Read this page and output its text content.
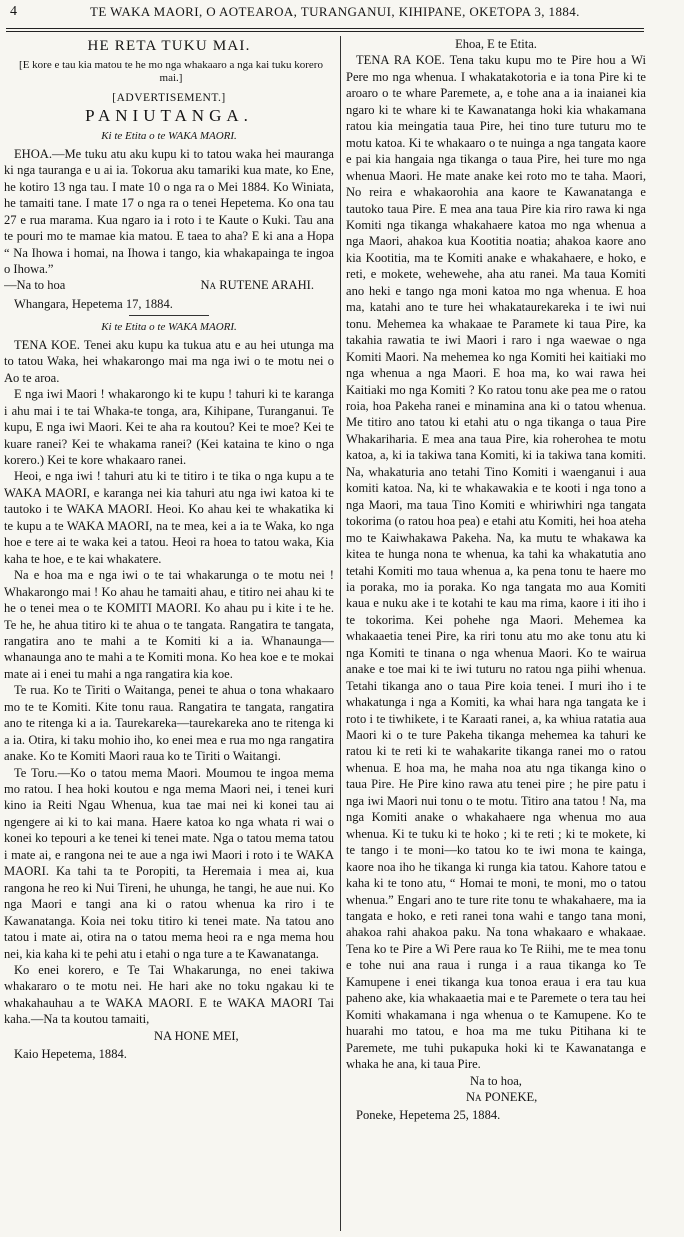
4	TE WAKA MAORI, O AOTEAROA, TURANGANUI, KIHIPANE, OKETOPA 3, 1884.

HE RETA TUKU MAI.

[E kore e tau kia matou te he mo nga whakaaro a nga kai tuku korero mai.]

[ADVERTISEMENT.]

PANIUTANGA.

Ki te Etita o te WAKA MAORI.

EHOA.—Me tuku atu aku kupu ki to tatou waka hei mauranga ki nga tauranga e u ai ia. Tokorua aku tamariki kua mate, ko Ene, he kotiro 13 nga tau. I mate 10 o nga ra o Mei 1884. Ko Winiata, he tamaiti tane. I mate 17 o nga ra o tenei Hepetema. Ko ona tau 27 e rua marama. Kua ngaro ia i roto i te Kaute o Kuki. Tau ana te pouri mo te mamae kia matou. E taea to aha? E ki ana a Hopa “ Na Ihowa i homai, na Ihowa i tango, kia whakapainga te ingoa o Ihowa.”

—Na to hoa	Na RUTENE ARAHI.

Whangara, Hepetema 17, 1884.

Ki te Etita o te WAKA MAORI.

TENA KOE. Tenei aku kupu ka tukua atu e au hei utunga ma to tatou Waka, hei whakarongo mai ma nga iwi o te motu nei o Ao te aroa.

E nga iwi Maori ! whakarongo ki te kupu ! tahuri ki te karanga i ahu mai i te tai Whaka-te tonga, ara, Kihipane, Turanganui. Te kupu, E nga iwi Maori. Kei te aha ra koutou? Kei te moe? Kei te kuare ranei? Kei te whakama ranei? (Kei kataina te kino o nga korero.) Kei te kore whakaaro ranei.

Heoi, e nga iwi ! tahuri atu ki te titiro i te tika o nga kupu a te WAKA MAORI, e karanga nei kia tahuri atu nga iwi katoa ki te tautoko i te WAKA MAORI. Heoi. Ko ahau kei te whakatika ki te kupu a te WAKA MAORI, na te mea, kei a ia te Waka, ko nga hoe e tere ai te waka kei a tatou. Heoi ra hoea to tatou waka, Kia kaha te hoe, e te kai whakatere.

Na e hoa ma e nga iwi o te tai whakarunga o te motu nei ! Whakarongo mai ! Ko ahau he tamaiti ahau, e titiro nei ahau ki te he o tenei mea o te KOMITI MAORI. Ko ahau pu i kite i te he. Te he, he ahua titiro ki te ahua o te tangata. Rangatira te tangata, rangatira ano te mahi a te Komiti ki a ia. Whanaunga—whanaunga ano te mahi a te Komiti mona. Ko hea koe e te mokai mate ai i enei tu mahi a nga rangatira kia koe.

Te rua. Ko te Tiriti o Waitanga, penei te ahua o tona whakaaro mo te te Komiti. Kite tonu raua. Rangatira te tangata, rangatira ano te ritenga ki a ia. Taurekareka—taurekareka ano te ritenga ki a ia. Otira, ki taku mohio iho, ko enei mea e rua mo nga rangatira anake. Ko te Komiti Maori raua ko te Tiriti o Waitangi.

Te Toru.—Ko o tatou mema Maori. Moumou te ingoa mema mo ratou. I hea hoki koutou e nga mema Maori nei, i tenei kuri kino ia Reiti Ngau Whenua, kua tae mai nei ki konei tau ai ngengere ai ki to kai mana. Haere katoa ko nga whata ri wai o konei ko tepouri a ke tenei ki tenei mate. Nga o tatou mema tatou i mate ai, e rangona nei te aue a nga iwi Maori i roto i te WAKA MAORI. Ka tahi ta te Poropiti, ta Heremaia i mea ai, kua rangona he reo ki Nui Tireni, he uhunga, he tangi, he aue nui. Ko nga Maori e tangi ana ki o ratou whenua ka riro i te Kawanatanga. Koia nei toku titiro ki tenei mate. Na tatou ano tatou i mate ai, otira na o tatou mema heoi ra e nga mema hou nei, kia kaha ki te pehi atu i etahi o nga ture a te Kawanatanga.

Ko enei korero, e Te Tai Whakarunga, no enei takiwa whakararo o te motu nei. He hari ake no toku ngakau ki te whakahauhau a te WAKA MAORI. E te WAKA MAORI Tai kaha.—Na ta koutou tamaiti,

NA HONE MEI,

Kaio Hepetema, 1884.

Ehoa, E te Etita.

TENA RA KOE. Tena taku kupu mo te Pire hou a Wi Pere mo nga whenua. I whakatakotoria e ia tona Pire ki te aroaro o te whare Paremete, a, e tohe ana a ia inaianei kia ngaro ki te whare ki te Kawanatanga hoki kia whakamana ratou kia meingatia taua Pire, hei tino ture tuturu mo te motu katoa. Ki te whakaaro o te nuinga a nga tangata kaore e pai kia hangaia nga tikanga o taua Pire, hei ture mo nga whenua Maori. He mate anake kei roto mo te taha. Maori, No reira e whakaorohia ana kaore te Kawanatanga e tautoko taua Pire. E mea ana taua Pire kia riro rawa ki nga Komiti nga tikanga whakahaere katoa mo nga whenua a nga Maori, ahakoa kua Kootitia noatia; ahakoa kaore ano kia Kootitia, ma te Komiti anake e whakahaere, e hoko, e reti, e mokete, wehewehe, aha atu ranei. Ma taua Komiti ano heki e tango nga moni katoa mo nga whenua. E hoa ma, katahi ano te ture hei whakataurekareka i te iwi nui tonu. Mehemea ka whakaae te Paramete ki taua Pire, ka takahia rawatia te iwi Maori i raro i nga waewae o nga Komiti Maori. Na mehemea ko nga Komiti hei kaitiaki mo nga whenua a nga Maori. E hoa ma, ko wai rawa hei Kaitiaki mo nga Komiti ? Ko ratou tonu ake pea me o ratou roia, hoa Pakeha ranei e minamina ana ki o tatou whenua. Me titiro ano tatou ki etahi atu o nga tikanga o taua Pire Whakariharia. E mea ana taua Pire, kia roherohea te motu katoa, a, ki ia takiwa tana Komiti, ki ia takiwa tana komiti. Na, whakaturia ano tetahi Tino Komiti i waenganui i aua komiti katoa. Na, ki te whakawakia e te kooti i nga tono a nga Maori, ma taua Tino Komiti e whiriwhiri nga tangata tokorima (o ratou hoa pea) e etahi atu Komiti, hei hoa ateha mo te Kaiwhakawa Pakeha. Na, ka mutu te whakawa ka kitea te hunga nona te whenua, ka tahi ka whakatutia ano tetahi Komiti mo taua whenua a, ka pena tonu te haere mo ia poraka, mo ia poraka. Ko nga tangata mo aua Komiti kaua e nuku ake i te kotahi te kau ma rima, kaore i iti iho i te tokorima. Kei pohehe nga Maori. Mehemea ka whakaaetia tenei Pire, ka riri tonu atu mo ake tonu atu ki nga Komiti te tinana o nga whenua Maori. Ko te wairua anake e toe mai ki te iwi tuturu no ratou nga piihi whenua. Tetahi tikanga ano o taua Pire koia tenei. I muri iho i te whakatunga i nga a Komiti, ka whai hara nga tangata ke i roto i te tiwhikete, i te Karaati ranei, a, ka whiua ratatia aua Maori ki o te ture Pakeha tikanga mehemea ka tahuri ke ratou ki te reti ki te wahakarite tikanga ranei mo o ratou whenua. E hoa ma, he maha noa atu nga tikanga kino o taua Pire. He Pire kino rawa atu tenei pire ; he pire patu i nga iwi Maori nui tonu o te motu. Titiro ana tatou ! Na, ma nga Komiti anake o whakahaere nga whenua mo aua whenua. Ki te tuku ki te hoko ; ki te reti ; ki te mokete, ki te tango i te moni—ko tatou ko te iwi mona te kainga, kaore noa iho he tikanga ki runga kia tatou. Kahore tatou e kaha ki te tono atu, “ Homai te moni, te moni, mo o tatou whenua.” Engari ano te ture rite tonu te whakahaere, ma ia tangata e hoko, e reti ranei tona wahi e tango tana moni, ahakoa rahi ahakoa paku. Na tona whakaaro e whakaae. Tena ko te Pire a Wi Pere raua ko Te Riihi, me te mea tonu e tohe nui ana raua i runga i a raua tikanga ko Te Kamupene i enei tikanga kua tonoa eraua i era tau kua paheno ake, kia whakaaetia mai e te Paremete o tera tau hei Komiti whakamana i nga whenua o te Kamupene. Ko te huarahi mo tatou, e hoa ma me tuku Pitihana ki te Paremete, me tuhi pukapuka hoki ki te Kawanatanga e whaka he ana, ki taua Pire.

Na to hoa,

Na PONEKE,

Poneke, Hepetema 25, 1884.
